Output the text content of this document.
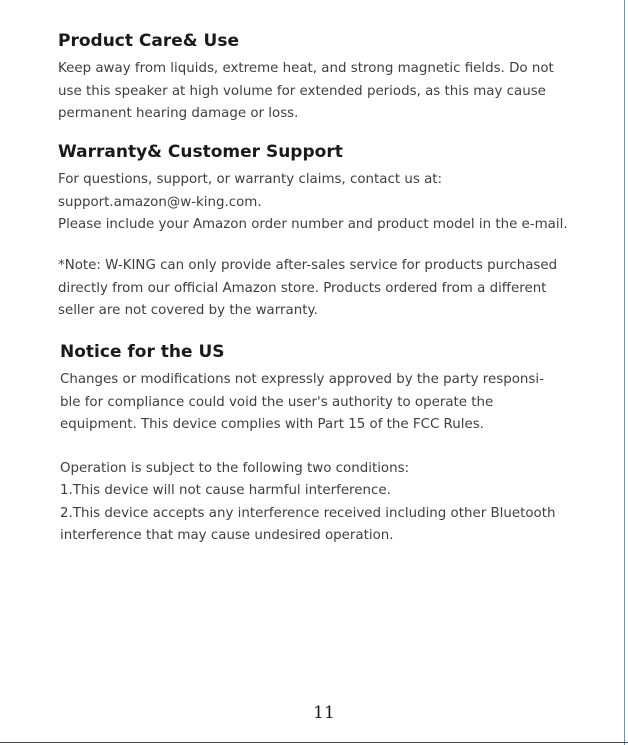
Product Care& Use

Keep away from liquids, extreme heat, and strong magnetic fields. Do not
use this speaker at high volume for extended periods, as this may cause
permanent hearing damage or loss.

Warranty& Customer Support

For questions, support, or warranty claims, contact us at:
support.amazon@w-king.com.
Please include your Amazon order number and product model in the e-mail.

*Note: W-KING can only provide after-sales service for products purchased
directly from our official Amazon store. Products ordered from a different
seller are not covered by the warranty.

Notice for the US

Changes or modifications not expressly approved by the party responsi-
ble for compliance could void the user's authority to operate the
equipment. This device complies with Part 15 of the FCC Rules.

Operation is subject to the following two conditions:
1.This device will not cause harmful interference.
2.This device accepts any interference received including other Bluetooth
interference that may cause undesired operation.

11
